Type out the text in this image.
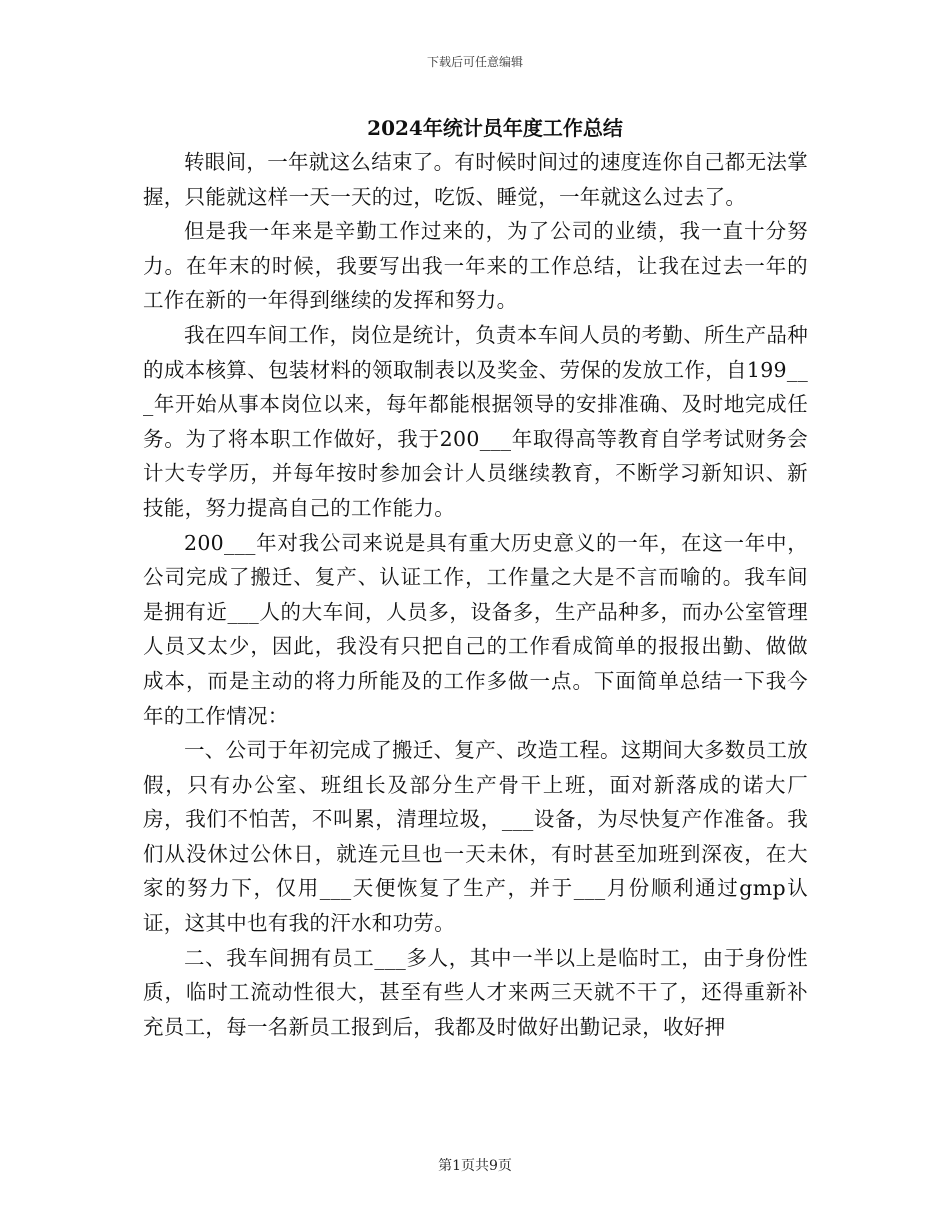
下载后可任意编辑
2024年统计员年度工作总结

转眼间，一年就这么结束了。有时候时间过的速度连你自己都无法掌握，只能就这样一天一天的过，吃饭、睡觉，一年就这么过去了。

但是我一年来是辛勤工作过来的，为了公司的业绩，我一直十分努力。在年末的时候，我要写出我一年来的工作总结，让我在过去一年的工作在新的一年得到继续的发挥和努力。

我在四车间工作，岗位是统计，负责本车间人员的考勤、所生产品种的成本核算、包装材料的领取制表以及奖金、劳保的发放工作，自199___年开始从事本岗位以来，每年都能根据领导的安排准确、及时地完成任务。为了将本职工作做好，我于200___年取得高等教育自学考试财务会计大专学历，并每年按时参加会计人员继续教育，不断学习新知识、新技能，努力提高自己的工作能力。

200___年对我公司来说是具有重大历史意义的一年，在这一年中，公司完成了搬迁、复产、认证工作，工作量之大是不言而喻的。我车间是拥有近___人的大车间，人员多，设备多，生产品种多，而办公室管理人员又太少，因此，我没有只把自己的工作看成简单的报报出勤、做做成本，而是主动的将力所能及的工作多做一点。下面简单总结一下我今年的工作情况：

一、公司于年初完成了搬迁、复产、改造工程。这期间大多数员工放假，只有办公室、班组长及部分生产骨干上班，面对新落成的诺大厂房，我们不怕苦，不叫累，清理垃圾，___设备，为尽快复产作准备。我们从没休过公休日，就连元旦也一天未休，有时甚至加班到深夜，在大家的努力下，仅用___天便恢复了生产，并于___月份顺利通过gmp认证，这其中也有我的汗水和功劳。

二、我车间拥有员工___多人，其中一半以上是临时工，由于身份性质，临时工流动性很大，甚至有些人才来两三天就不干了，还得重新补充员工，每一名新员工报到后，我都及时做好出勤记录，收好押

第1页共9页
